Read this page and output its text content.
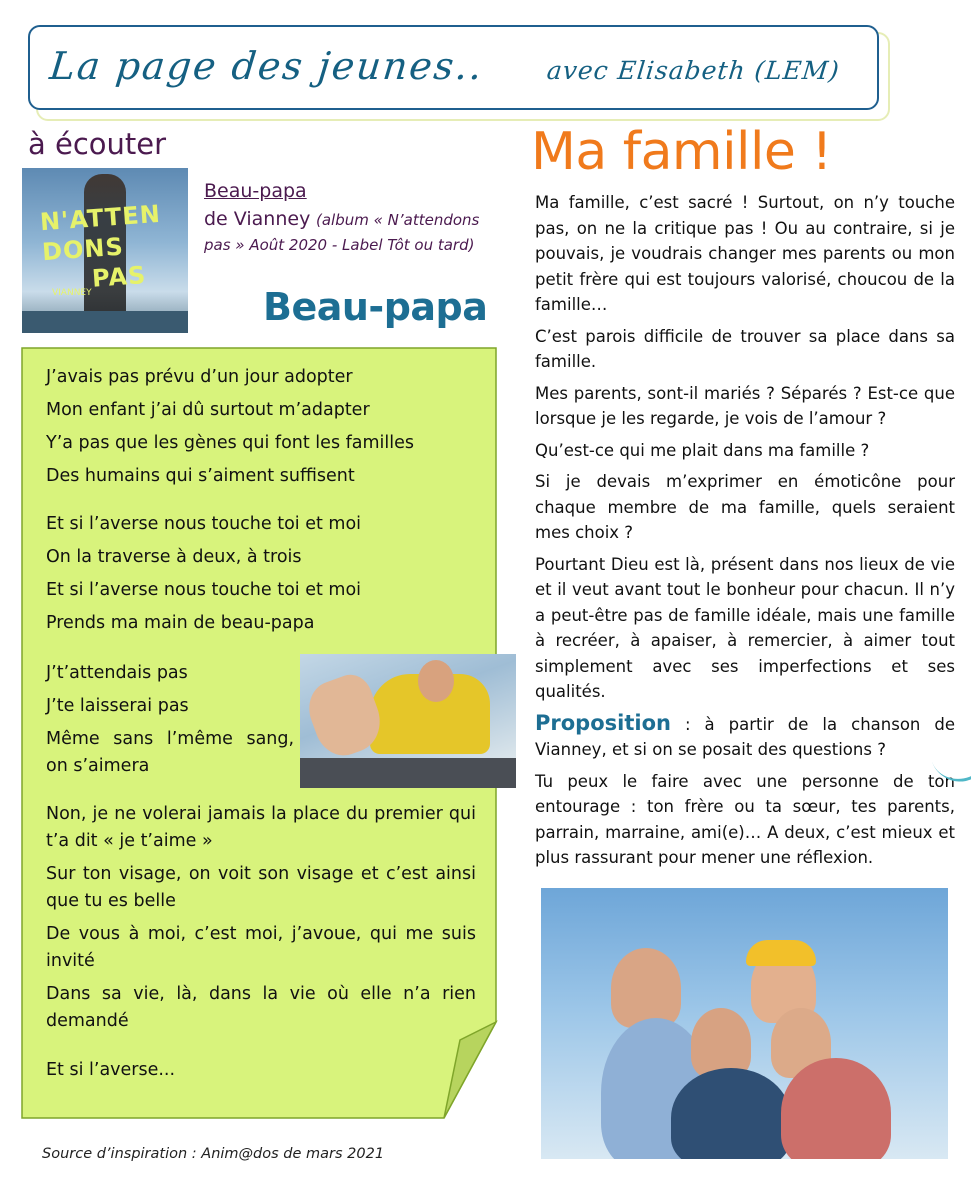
La page des jeunes.. avec Elisabeth (LEM)
à écouter
N'ATTEN
DONS
PAS
VIANNEY
Beau-papa
de Vianney (album « N’attendons
pas » Août 2020 - Label Tôt ou tard)
Beau-papa
J’avais pas prévu d’un jour adopter
Mon enfant j’ai dû surtout m’adapter
Y’a pas que les gènes qui font les familles
Des humains qui s’aiment suffisent
Et si l’averse nous touche toi et moi
On la traverse à deux, à trois
Et si l’averse nous touche toi et moi
Prends ma main de beau-papa
J’t’attendais pas
J’te laisserai pas
Même sans l’même sang,
on s’aimera
Non, je ne volerai jamais la place du premier qui t’a dit « je t’aime »
Sur ton visage, on voit son visage et c’est ainsi que tu es belle
De vous à moi, c’est moi, j’avoue, qui me suis invité
Dans sa vie, là, dans la vie où elle n’a rien demandé
Et si l’averse...
Source d’inspiration : Anim@dos de mars 2021
Ma famille !

Ma famille, c’est sacré ! Surtout, on n’y touche pas, on ne la critique pas ! Ou au contraire, si je pouvais, je voudrais changer mes parents ou mon petit frère qui est toujours valorisé, choucou de la famille…

C’est parois difficile de trouver sa place dans sa famille.

Mes parents, sont-il mariés ? Séparés ? Est-ce que lorsque je les regarde, je vois de l’amour ?

Qu’est-ce qui me plait dans ma famille ?

Si je devais m’exprimer en émoticône pour chaque membre de ma famille, quels seraient mes choix ?

Pourtant Dieu est là, présent dans nos lieux de vie et il veut avant tout le bonheur pour chacun. Il n’y a peut-être pas de famille idéale, mais une famille à recréer, à apaiser, à remercier, à aimer tout simplement avec ses imperfections et ses qualités.

Proposition : à partir de la chanson de Vianney, et si on se posait des questions ?

Tu peux le faire avec une personne de ton entourage : ton frère ou ta sœur, tes parents, parrain, marraine, ami(e)… A deux, c’est mieux et plus rassurant pour mener une réflexion.
